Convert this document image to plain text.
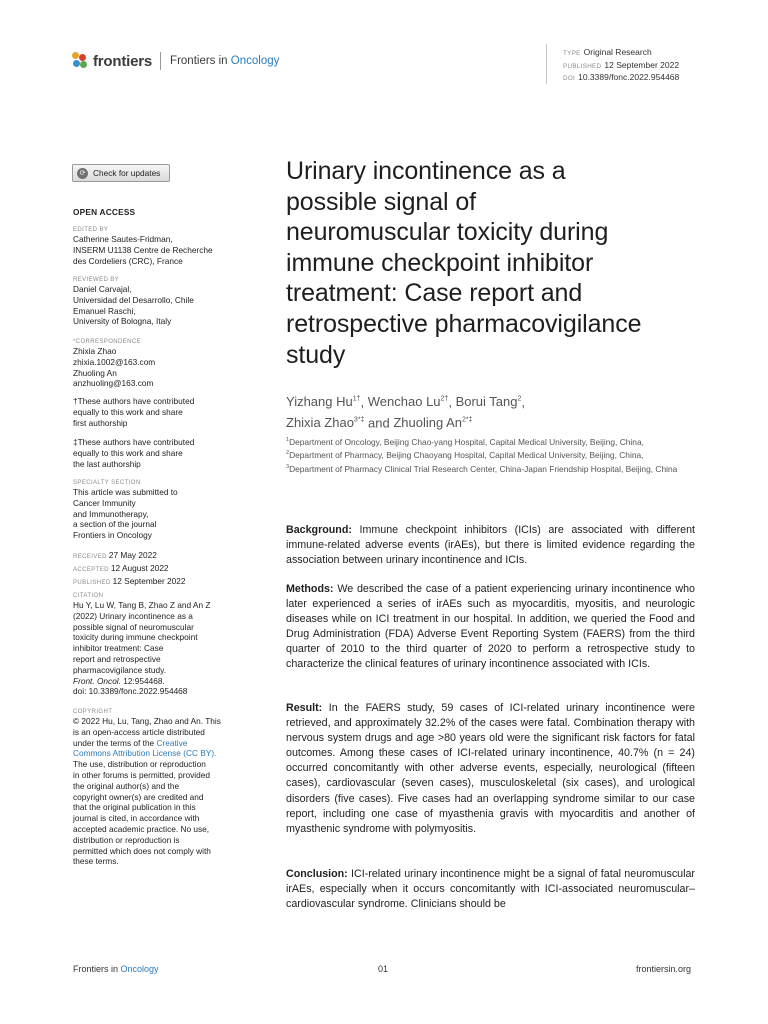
frontiers Frontiers in Oncology
TYPE Original Research
PUBLISHED 12 September 2022
DOI 10.3389/fonc.2022.954468
⟳ Check for updates
OPEN ACCESS
EDITED BY
Catherine Sautes-Fridman,
INSERM U1138 Centre de Recherche
des Cordeliers (CRC), France
REVIEWED BY
Daniel Carvajal,
Universidad del Desarrollo, Chile
Emanuel Raschi,
University of Bologna, Italy
*CORRESPONDENCE
Zhixia Zhao
zhixia.1002@163.com
Zhuoling An
anzhuoling@163.com
†These authors have contributed
equally to this work and share
first authorship
‡These authors have contributed
equally to this work and share
the last authorship
SPECIALTY SECTION
This article was submitted to
Cancer Immunity
and Immunotherapy,
a section of the journal
Frontiers in Oncology
RECEIVED 27 May 2022
ACCEPTED 12 August 2022
PUBLISHED 12 September 2022
CITATION
Hu Y, Lu W, Tang B, Zhao Z and An Z
(2022) Urinary incontinence as a
possible signal of neuromuscular
toxicity during immune checkpoint
inhibitor treatment: Case
report and retrospective
pharmacovigilance study.
Front. Oncol. 12:954468.
doi: 10.3389/fonc.2022.954468
COPYRIGHT
© 2022 Hu, Lu, Tang, Zhao and An. This
is an open-access article distributed
under the terms of the Creative
Commons Attribution License (CC BY).
The use, distribution or reproduction
in other forums is permitted, provided
the original author(s) and the
copyright owner(s) are credited and
that the original publication in this
journal is cited, in accordance with
accepted academic practice. No use,
distribution or reproduction is
permitted which does not comply with
these terms.
Urinary incontinence as a possible signal of neuromuscular toxicity during immune checkpoint inhibitor treatment: Case report and retrospective pharmacovigilance study
Yizhang $Hu^{1\dagger}$, Wenchao $Lu^{2\dagger}$, Borui Tang$^2$,
Zhixia Zhao$^{3*\ddagger}$ and Zhuoling $An^{2*\ddagger}$
$^1$Department of Oncology, Beijing Chao-yang Hospital, Capital Medical University, Beijing, China,
$^2$Department of Pharmacy, Beijing Chaoyang Hospital, Capital Medical University, Beijing, China,
$^3$Department of Pharmacy Clinical Trial Research Center, China-Japan Friendship Hospital, Beijing, China
Background: Immune checkpoint inhibitors (ICIs) are associated with different immune-related adverse events (irAEs), but there is limited evidence regarding the association between urinary incontinence and ICIs.
Methods: We described the case of a patient experiencing urinary incontinence who later experienced a series of irAEs such as myocarditis, myositis, and neurologic diseases while on ICI treatment in our hospital. In addition, we queried the Food and Drug Administration (FDA) Adverse Event Reporting System (FAERS) from the third quarter of 2010 to the third quarter of 2020 to perform a retrospective study to characterize the clinical features of urinary incontinence associated with ICIs.
Result: In the FAERS study, 59 cases of ICI-related urinary incontinence were retrieved, and approximately 32.2% of the cases were fatal. Combination therapy with nervous system drugs and age >80 years old were the significant risk factors for fatal outcomes. Among these cases of ICI-related urinary incontinence, 40.7% (n = 24) occurred concomitantly with other adverse events, especially, neurological (fifteen cases), cardiovascular (seven cases), musculoskeletal (six cases), and urological disorders (five cases). Five cases had an overlapping syndrome similar to our case report, including one case of myasthenia gravis with myocarditis and another of myasthenic syndrome with polymyositis.
Conclusion: ICI-related urinary incontinence might be a signal of fatal neuromuscular irAEs, especially when it occurs concomitantly with ICI-associated neuromuscular–cardiovascular syndrome. Clinicians should be
Frontiers in Oncology	01	frontiersin.org
